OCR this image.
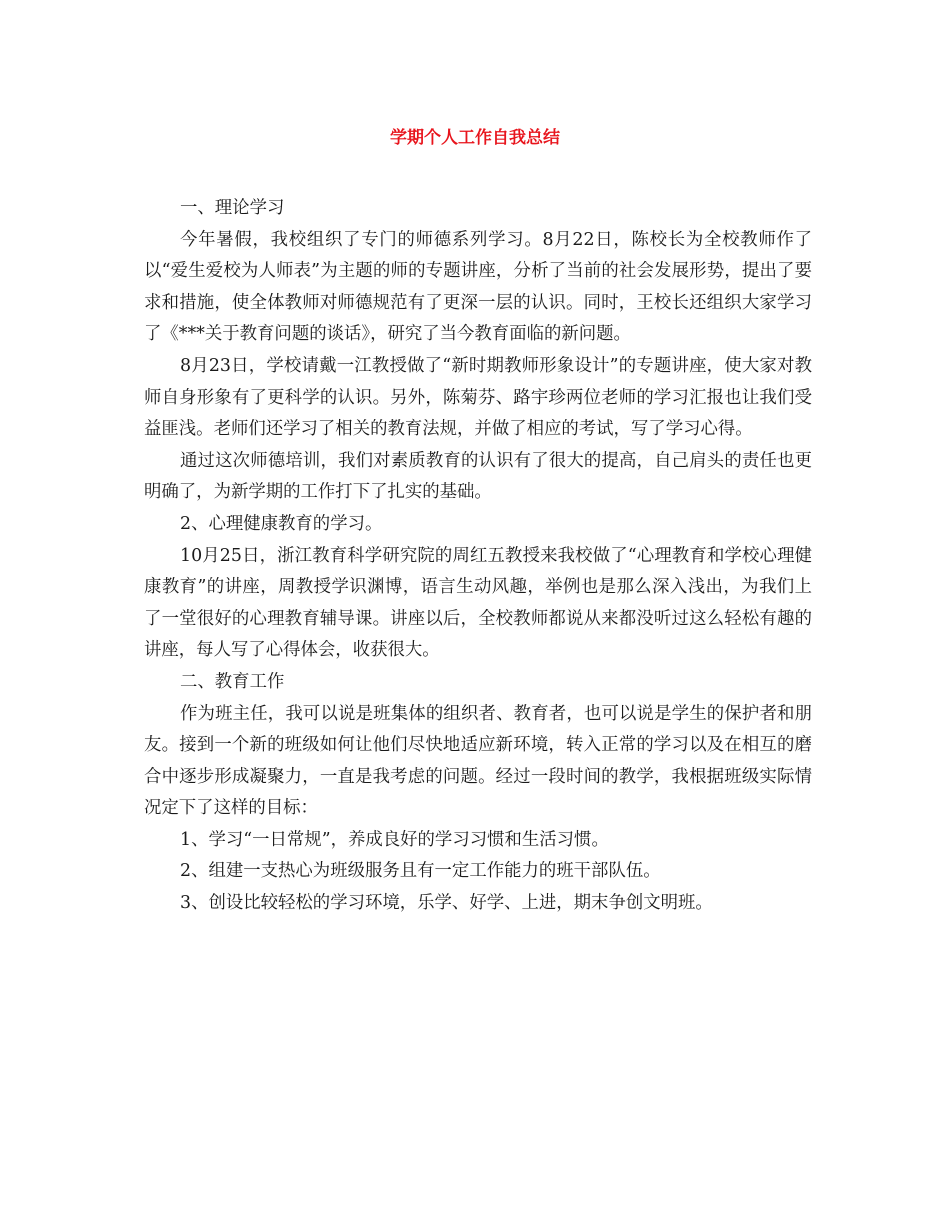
学期个人工作自我总结

一、理论学习

今年暑假，我校组织了专门的师德系列学习。8月22日，陈校长为全校教师作了以“爱生爱校为人师表”为主题的师的专题讲座，分析了当前的社会发展形势，提出了要求和措施，使全体教师对师德规范有了更深一层的认识。同时，王校长还组织大家学习了《***关于教育问题的谈话》，研究了当今教育面临的新问题。

8月23日，学校请戴一江教授做了“新时期教师形象设计”的专题讲座，使大家对教师自身形象有了更科学的认识。另外，陈菊芬、路宇珍两位老师的学习汇报也让我们受益匪浅。老师们还学习了相关的教育法规，并做了相应的考试，写了学习心得。

通过这次师德培训，我们对素质教育的认识有了很大的提高，自己肩头的责任也更明确了，为新学期的工作打下了扎实的基础。

2、心理健康教育的学习。

10月25日，浙江教育科学研究院的周红五教授来我校做了“心理教育和学校心理健康教育”的讲座，周教授学识渊博，语言生动风趣，举例也是那么深入浅出，为我们上了一堂很好的心理教育辅导课。讲座以后，全校教师都说从来都没听过这么轻松有趣的讲座，每人写了心得体会，收获很大。

二、教育工作

作为班主任，我可以说是班集体的组织者、教育者，也可以说是学生的保护者和朋友。接到一个新的班级如何让他们尽快地适应新环境，转入正常的学习以及在相互的磨合中逐步形成凝聚力，一直是我考虑的问题。经过一段时间的教学，我根据班级实际情况定下了这样的目标：

1、学习“一日常规”，养成良好的学习习惯和生活习惯。

2、组建一支热心为班级服务且有一定工作能力的班干部队伍。

3、创设比较轻松的学习环境，乐学、好学、上进，期末争创文明班。
